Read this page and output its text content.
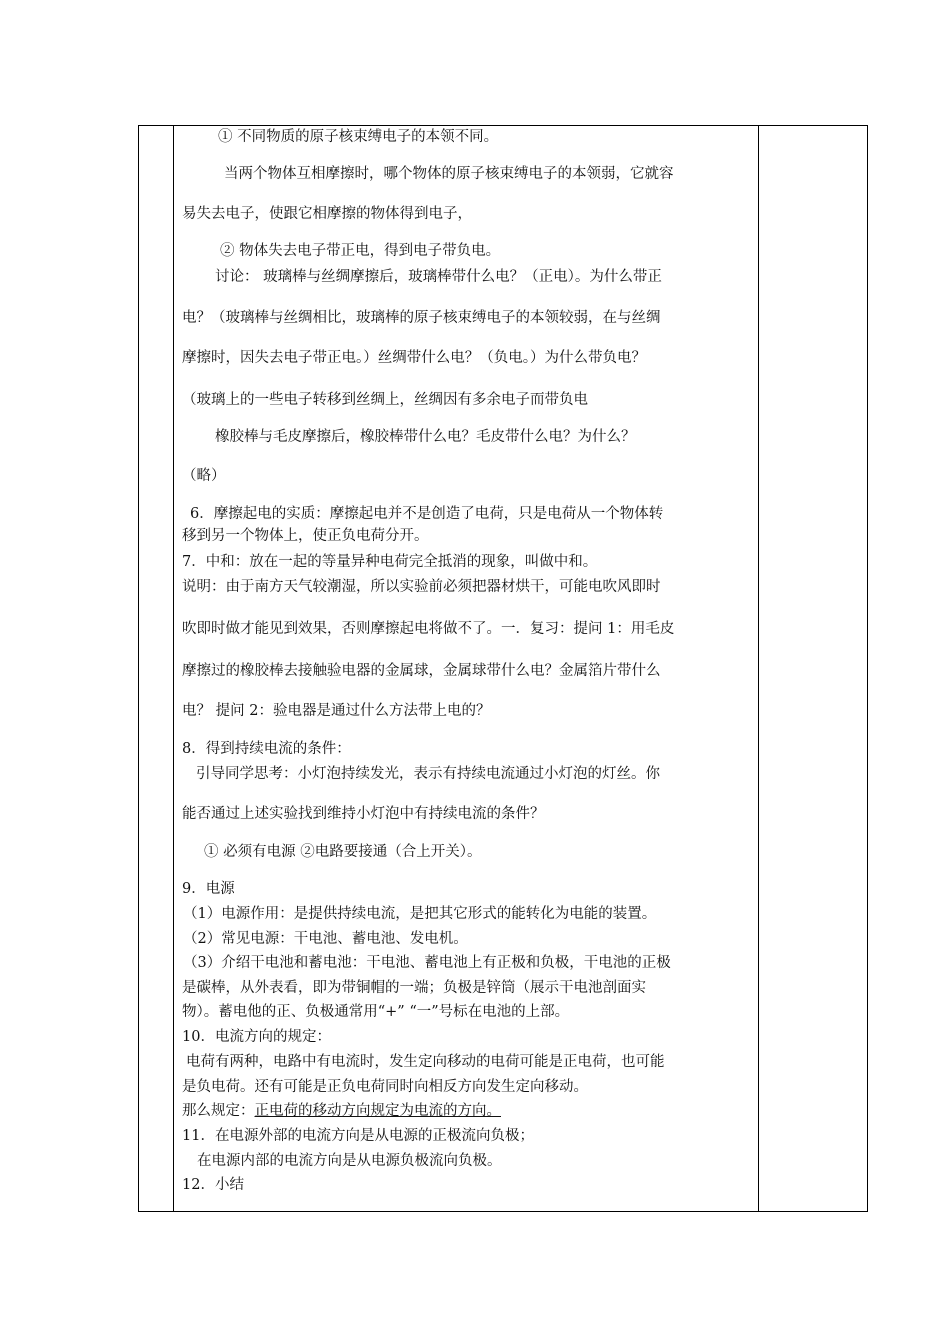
① 不同物质的原子核束缚电子的本领不同。
当两个物体互相摩擦时，哪个物体的原子核束缚电子的本领弱，它就容
易失去电子，使跟它相摩擦的物体得到电子，
② 物体失去电子带正电，得到电子带负电。
讨论： 玻璃棒与丝绸摩擦后，玻璃棒带什么电？（正电）。为什么带正
电？（玻璃棒与丝绸相比，玻璃棒的原子核束缚电子的本领较弱，在与丝绸
摩擦时，因失去电子带正电。）丝绸带什么电？（负电。）为什么带负电？
（玻璃上的一些电子转移到丝绸上，丝绸因有多余电子而带负电
橡胶棒与毛皮摩擦后，橡胶棒带什么电？毛皮带什么电？为什么？
（略）
6．摩擦起电的实质：摩擦起电并不是创造了电荷，只是电荷从一个物体转
移到另一个物体上，使正负电荷分开。
7．中和：放在一起的等量异种电荷完全抵消的现象，叫做中和。
说明：由于南方天气较潮湿，所以实验前必须把器材烘干，可能电吹风即时
吹即时做才能见到效果，否则摩擦起电将做不了。一．复习：提问 1：用毛皮
摩擦过的橡胶棒去接触验电器的金属球，金属球带什么电？金属箔片带什么
电？ 提问 2：验电器是通过什么方法带上电的？
8．得到持续电流的条件：
引导同学思考：小灯泡持续发光，表示有持续电流通过小灯泡的灯丝。你
能否通过上述实验找到维持小灯泡中有持续电流的条件？
① 必须有电源 ②电路要接通（合上开关）。
9．电源
（1）电源作用：是提供持续电流，是把其它形式的能转化为电能的装置。
（2）常见电源：干电池、蓄电池、发电机。
（3）介绍干电池和蓄电池：干电池、蓄电池上有正极和负极，干电池的正极
是碳棒，从外表看，即为带铜帽的一端；负极是锌筒（展示干电池剖面实
物）。蓄电他的正、负极通常用“+” “一”号标在电池的上部。
10．电流方向的规定：
电荷有两种，电路中有电流时，发生定向移动的电荷可能是正电荷，也可能
是负电荷。还有可能是正负电荷同时向相反方向发生定向移动。
那么规定：正电荷的移动方向规定为电流的方向。
11．在电源外部的电流方向是从电源的正极流向负极；
在电源内部的电流方向是从电源负极流向负极。
12．小结
